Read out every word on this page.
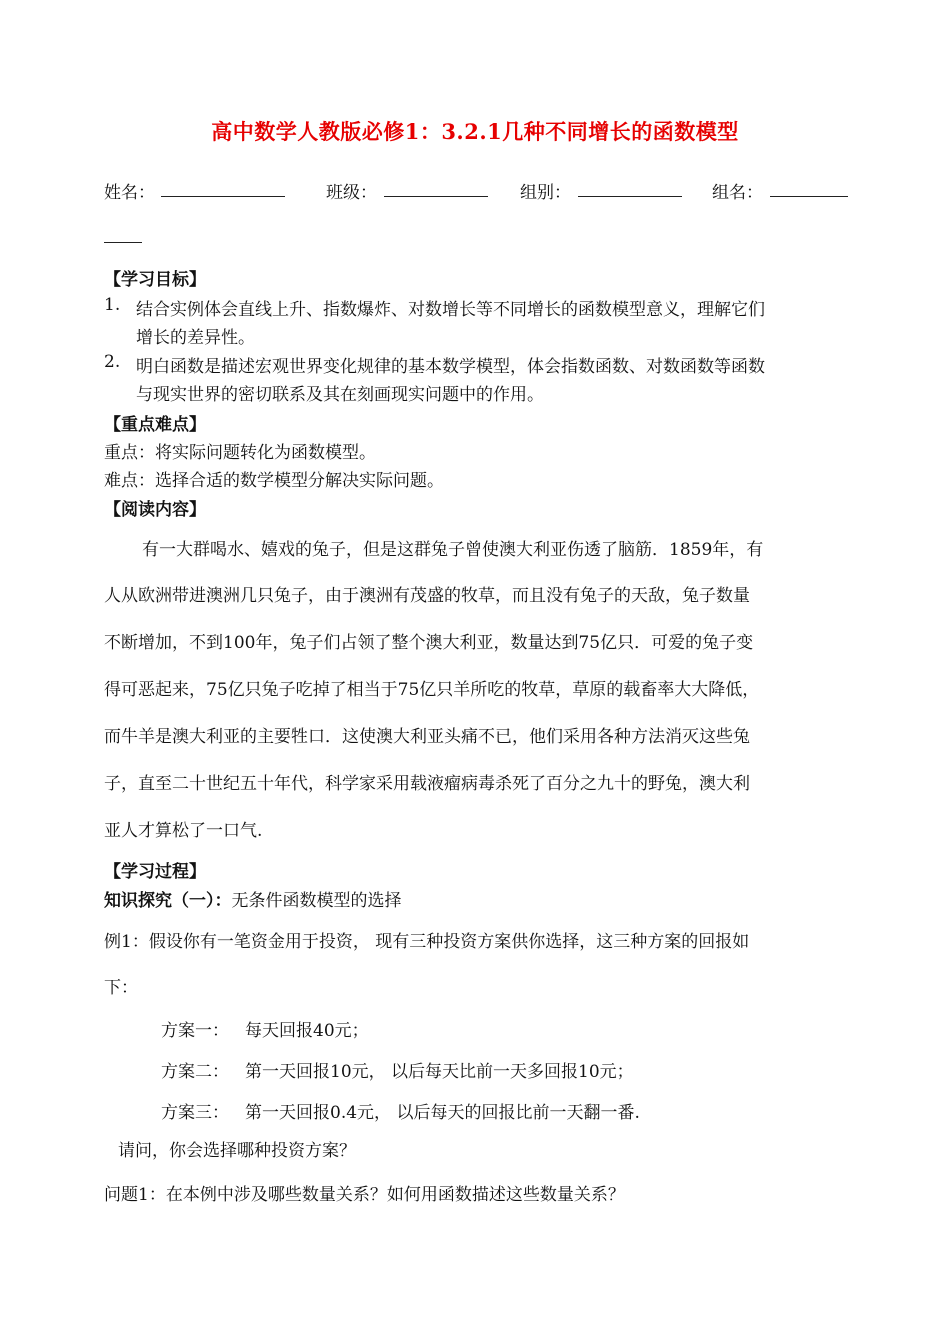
高中数学人教版必修1：3.2.1几种不同增长的函数模型
姓名：	班级：	组别：	组名：
【学习目标】
1. 结合实例体会直线上升、指数爆炸、对数增长等不同增长的函数模型意义，理解它们
增长的差异性。
2. 明白函数是描述宏观世界变化规律的基本数学模型，体会指数函数、对数函数等函数
与现实世界的密切联系及其在刻画现实问题中的作用。
【重点难点】
重点：将实际问题转化为函数模型。
难点：选择合适的数学模型分解决实际问题。
【阅读内容】
有一大群喝水、嬉戏的兔子，但是这群兔子曾使澳大利亚伤透了脑筋．1859年，有
人从欧洲带进澳洲几只兔子，由于澳洲有茂盛的牧草，而且没有兔子的天敌，兔子数量
不断增加，不到100年，兔子们占领了整个澳大利亚，数量达到75亿只．可爱的兔子变
得可恶起来，75亿只兔子吃掉了相当于75亿只羊所吃的牧草，草原的载畜率大大降低，
而牛羊是澳大利亚的主要牲口．这使澳大利亚头痛不已，他们采用各种方法消灭这些兔
子，直至二十世纪五十年代，科学家采用载液瘤病毒杀死了百分之九十的野兔，澳大利
亚人才算松了一口气.
【学习过程】
知识探究（一）：无条件函数模型的选择
例1：假设你有一笔资金用于投资， 现有三种投资方案供你选择，这三种方案的回报如
下：
方案一： 每天回报40元；
方案二： 第一天回报10元， 以后每天比前一天多回报10元；
方案三： 第一天回报0.4元， 以后每天的回报比前一天翻一番.
请问，你会选择哪种投资方案？
问题1：在本例中涉及哪些数量关系？如何用函数描述这些数量关系？
